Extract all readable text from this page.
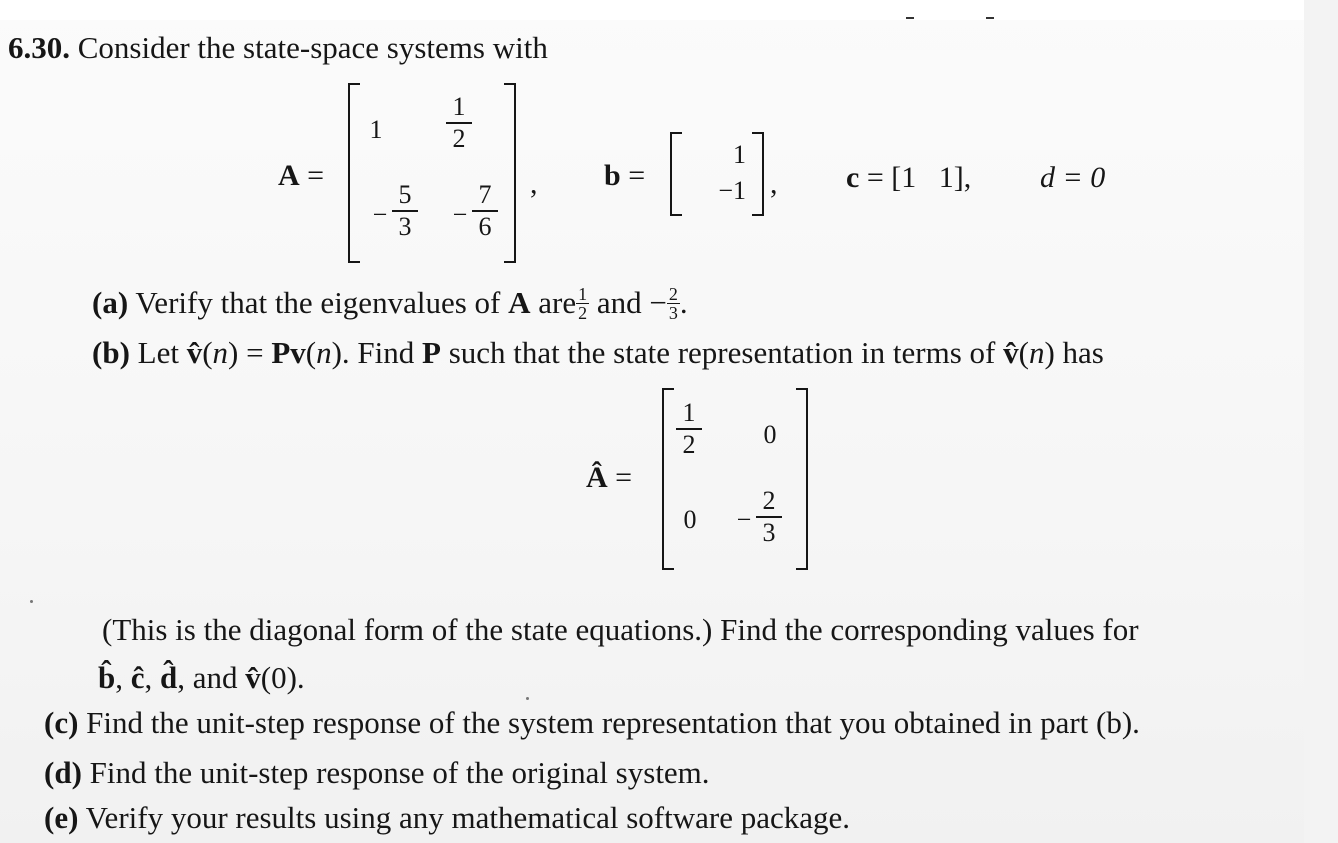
6.30. Consider the state-space systems with
A =
1
1
2
−
5
3 −
7
6
, b =
1
−1 , c = [1   1], d = 0
(a) Verify that the eigenvalues of A are $\frac{1}{2}$ and − $\frac{2}{3}$ .
(b) Let v̂(n) = Pv(n). Find P such that the state representation in terms of v̂(n) has
Â =
1
2	0
0 −
2
3
(This is the diagonal form of the state equations.) Find the corresponding values for
b̂, ĉ, d̂, and v̂(0).
(c) Find the unit-step response of the system representation that you obtained in part (b).
(d) Find the unit-step response of the original system.
(e) Verify your results using any mathematical software package.
